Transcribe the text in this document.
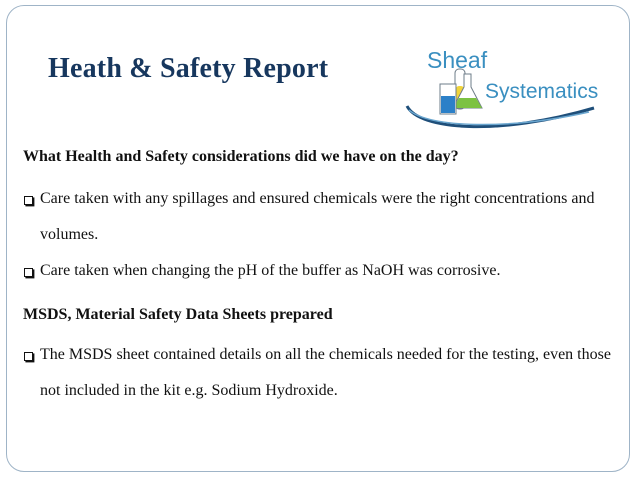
Heath & Safety Report	Sheaf
Systematics
What Health and Safety considerations did we have on the day?
Care taken with any spillages and ensured chemicals were the right concentrations and volumes.
Care taken when changing the pH of the buffer as NaOH was corrosive.
MSDS, Material Safety Data Sheets prepared
The MSDS sheet contained details on all the chemicals needed for the testing, even those not included in the kit e.g. Sodium Hydroxide.
